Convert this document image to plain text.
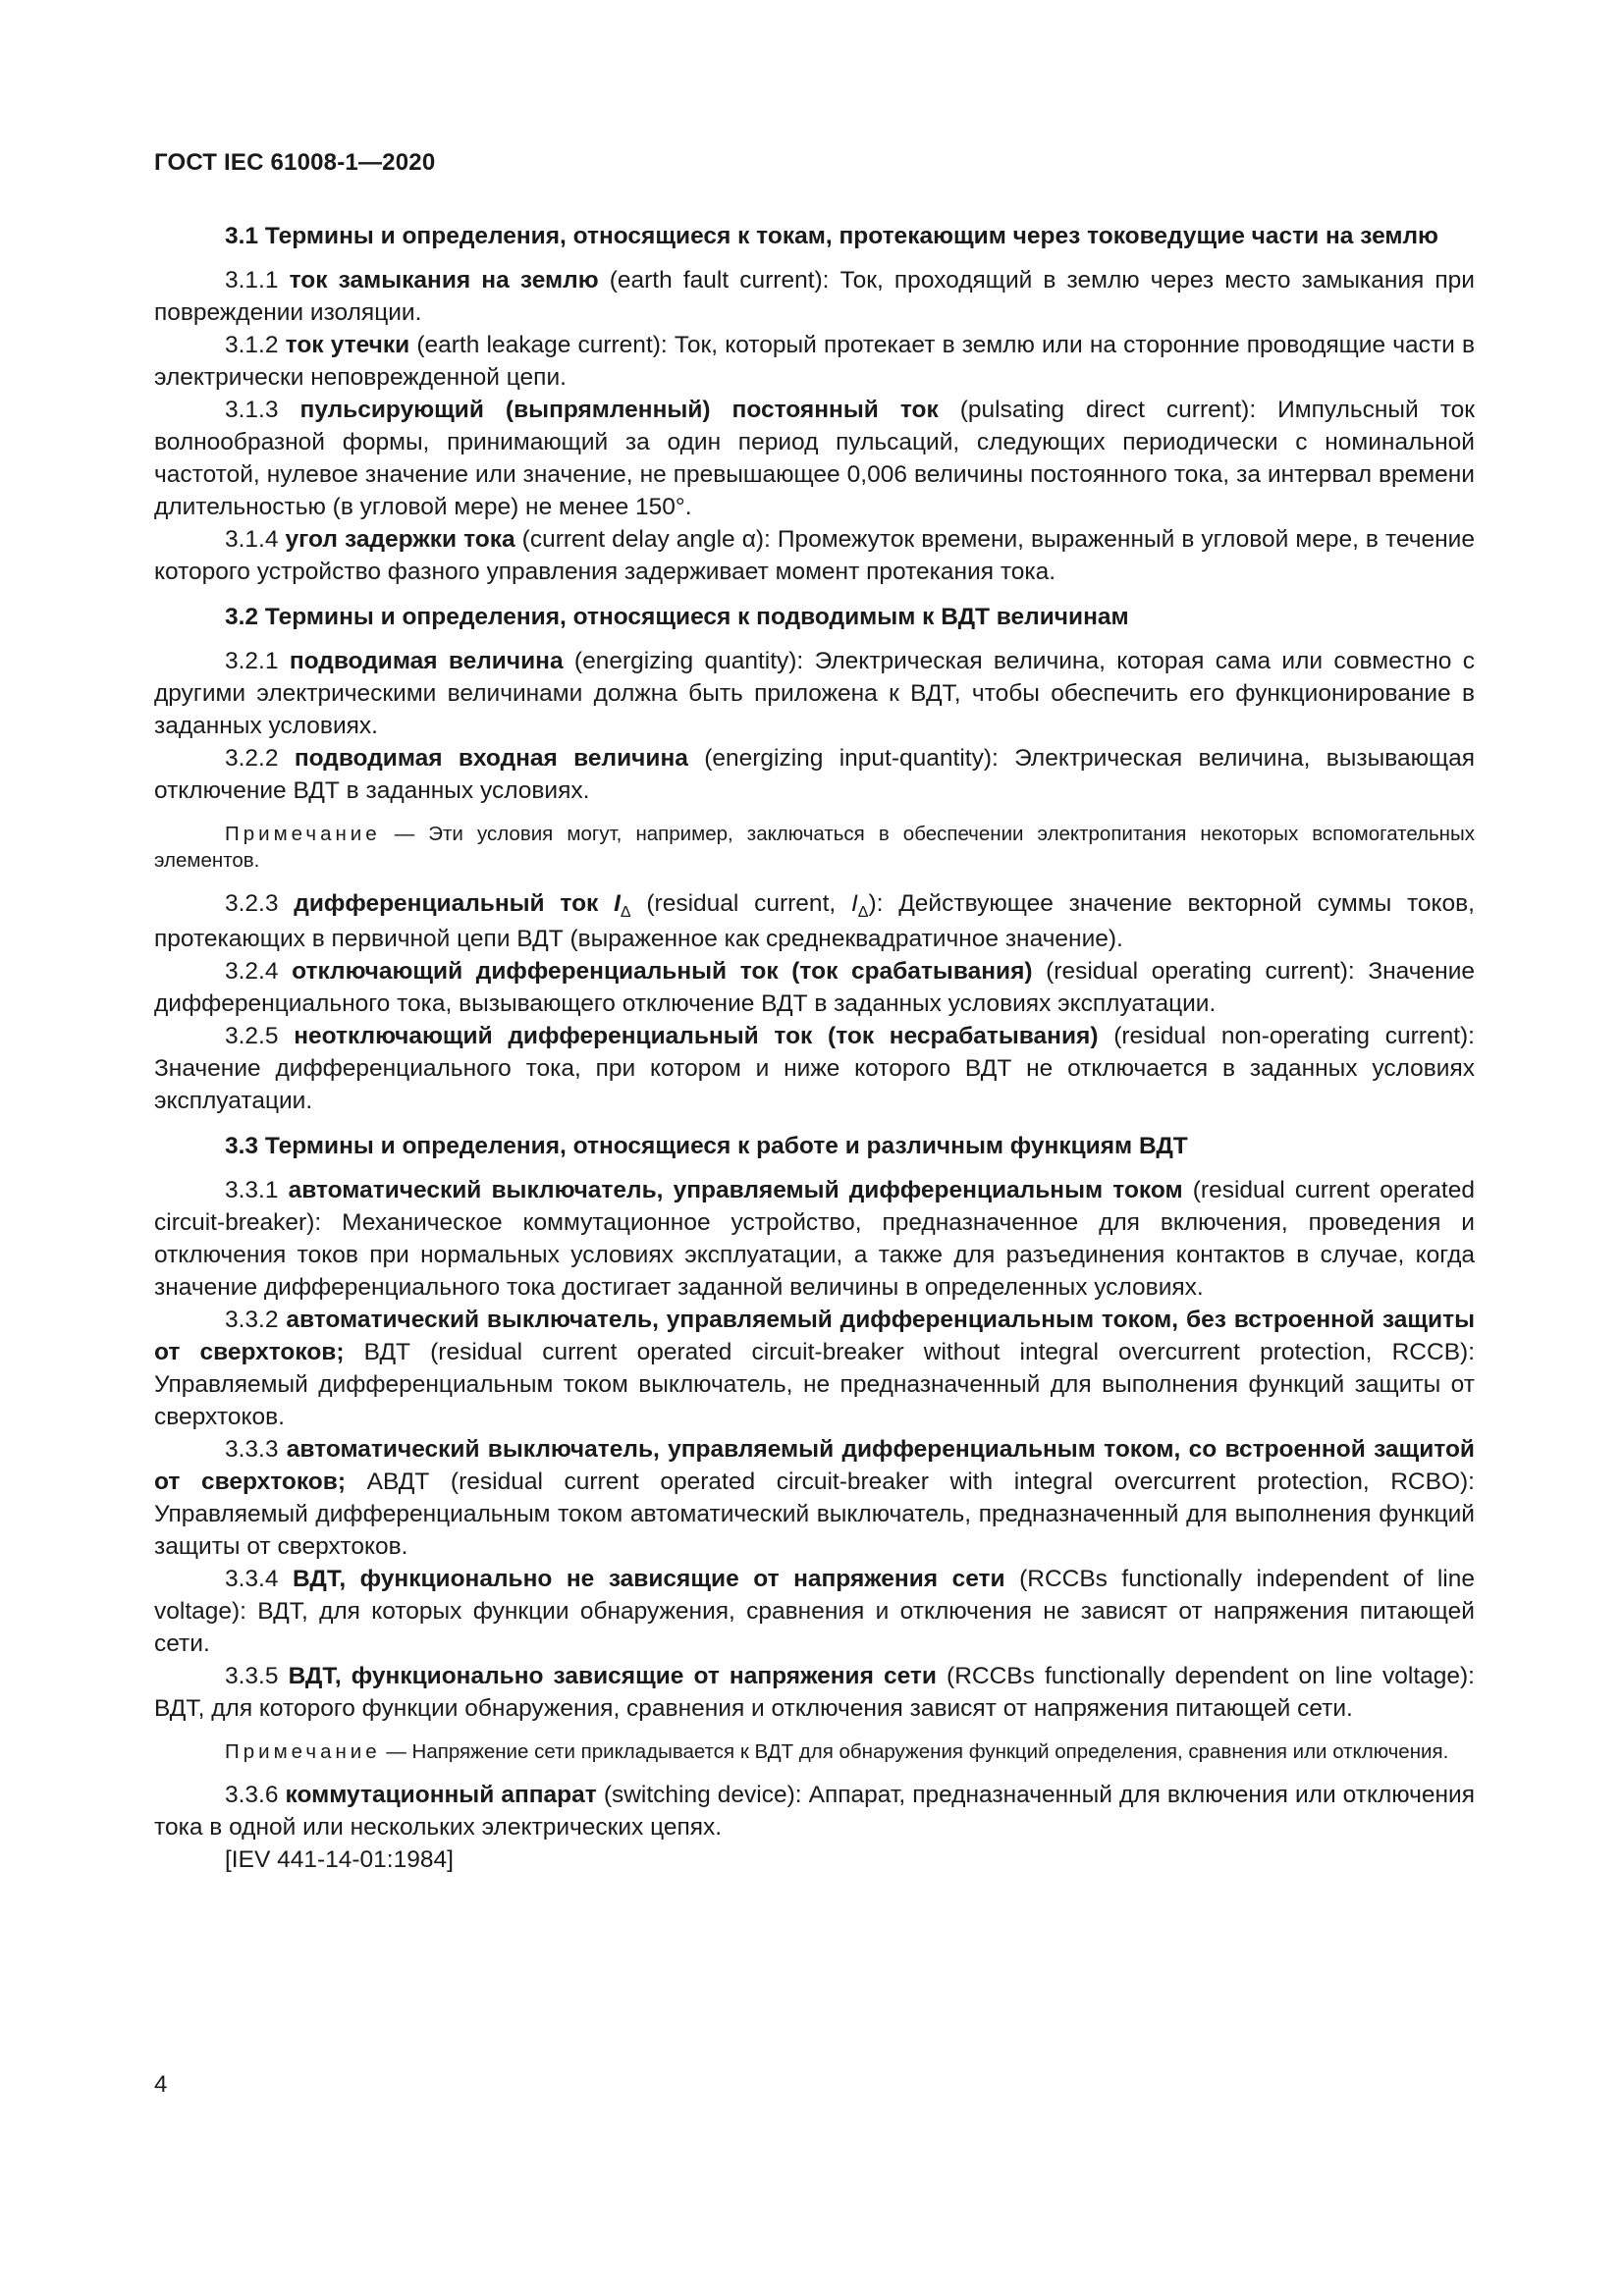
ГОСТ IEC 61008-1—2020

3.1 Термины и определения, относящиеся к токам, протекающим через токоведущие части на землю

3.1.1 ток замыкания на землю (earth fault current): Ток, проходящий в землю через место замыкания при повреждении изоляции.

3.1.2 ток утечки (earth leakage current): Ток, который протекает в землю или на сторонние проводящие части в электрически неповрежденной цепи.

3.1.3 пульсирующий (выпрямленный) постоянный ток (pulsating direct current): Импульсный ток волнообразной формы, принимающий за один период пульсаций, следующих периодически с номинальной частотой, нулевое значение или значение, не превышающее 0,006 величины постоянного тока, за интервал времени длительностью (в угловой мере) не менее 150°.

3.1.4 угол задержки тока (current delay angle α): Промежуток времени, выраженный в угловой мере, в течение которого устройство фазного управления задерживает момент протекания тока.

3.2 Термины и определения, относящиеся к подводимым к ВДТ величинам

3.2.1 подводимая величина (energizing quantity): Электрическая величина, которая сама или совместно с другими электрическими величинами должна быть приложена к ВДТ, чтобы обеспечить его функционирование в заданных условиях.

3.2.2 подводимая входная величина (energizing input-quantity): Электрическая величина, вызывающая отключение ВДТ в заданных условиях.

Примечание — Эти условия могут, например, заключаться в обеспечении электропитания некоторых вспомогательных элементов.

3.2.3 дифференциальный ток $I_\Delta$ (residual current, $I_\Delta$): Действующее значение векторной суммы токов, протекающих в первичной цепи ВДТ (выраженное как среднеквадратичное значение).

3.2.4 отключающий дифференциальный ток (ток срабатывания) (residual operating current): Значение дифференциального тока, вызывающего отключение ВДТ в заданных условиях эксплуатации.

3.2.5 неотключающий дифференциальный ток (ток несрабатывания) (residual non-operating current): Значение дифференциального тока, при котором и ниже которого ВДТ не отключается в заданных условиях эксплуатации.

3.3 Термины и определения, относящиеся к работе и различным функциям ВДТ

3.3.1 автоматический выключатель, управляемый дифференциальным током (residual current operated circuit-breaker): Механическое коммутационное устройство, предназначенное для включения, проведения и отключения токов при нормальных условиях эксплуатации, а также для разъединения контактов в случае, когда значение дифференциального тока достигает заданной величины в определенных условиях.

3.3.2 автоматический выключатель, управляемый дифференциальным током, без встроенной защиты от сверхтоков; ВДТ (residual current operated circuit-breaker without integral overcurrent protection, RCCB): Управляемый дифференциальным током выключатель, не предназначенный для выполнения функций защиты от сверхтоков.

3.3.3 автоматический выключатель, управляемый дифференциальным током, со встроенной защитой от сверхтоков; АВДТ (residual current operated circuit-breaker with integral overcurrent protection, RCBO): Управляемый дифференциальным током автоматический выключатель, предназначенный для выполнения функций защиты от сверхтоков.

3.3.4 ВДТ, функционально не зависящие от напряжения сети (RCCBs functionally independent of line voltage): ВДТ, для которых функции обнаружения, сравнения и отключения не зависят от напряжения питающей сети.

3.3.5 ВДТ, функционально зависящие от напряжения сети (RCCBs functionally dependent on line voltage): ВДТ, для которого функции обнаружения, сравнения и отключения зависят от напряжения питающей сети.

Примечание — Напряжение сети прикладывается к ВДТ для обнаружения функций определения, сравнения или отключения.

3.3.6 коммутационный аппарат (switching device): Аппарат, предназначенный для включения или отключения тока в одной или нескольких электрических цепях.

[IEV 441-14-01:1984]

4
